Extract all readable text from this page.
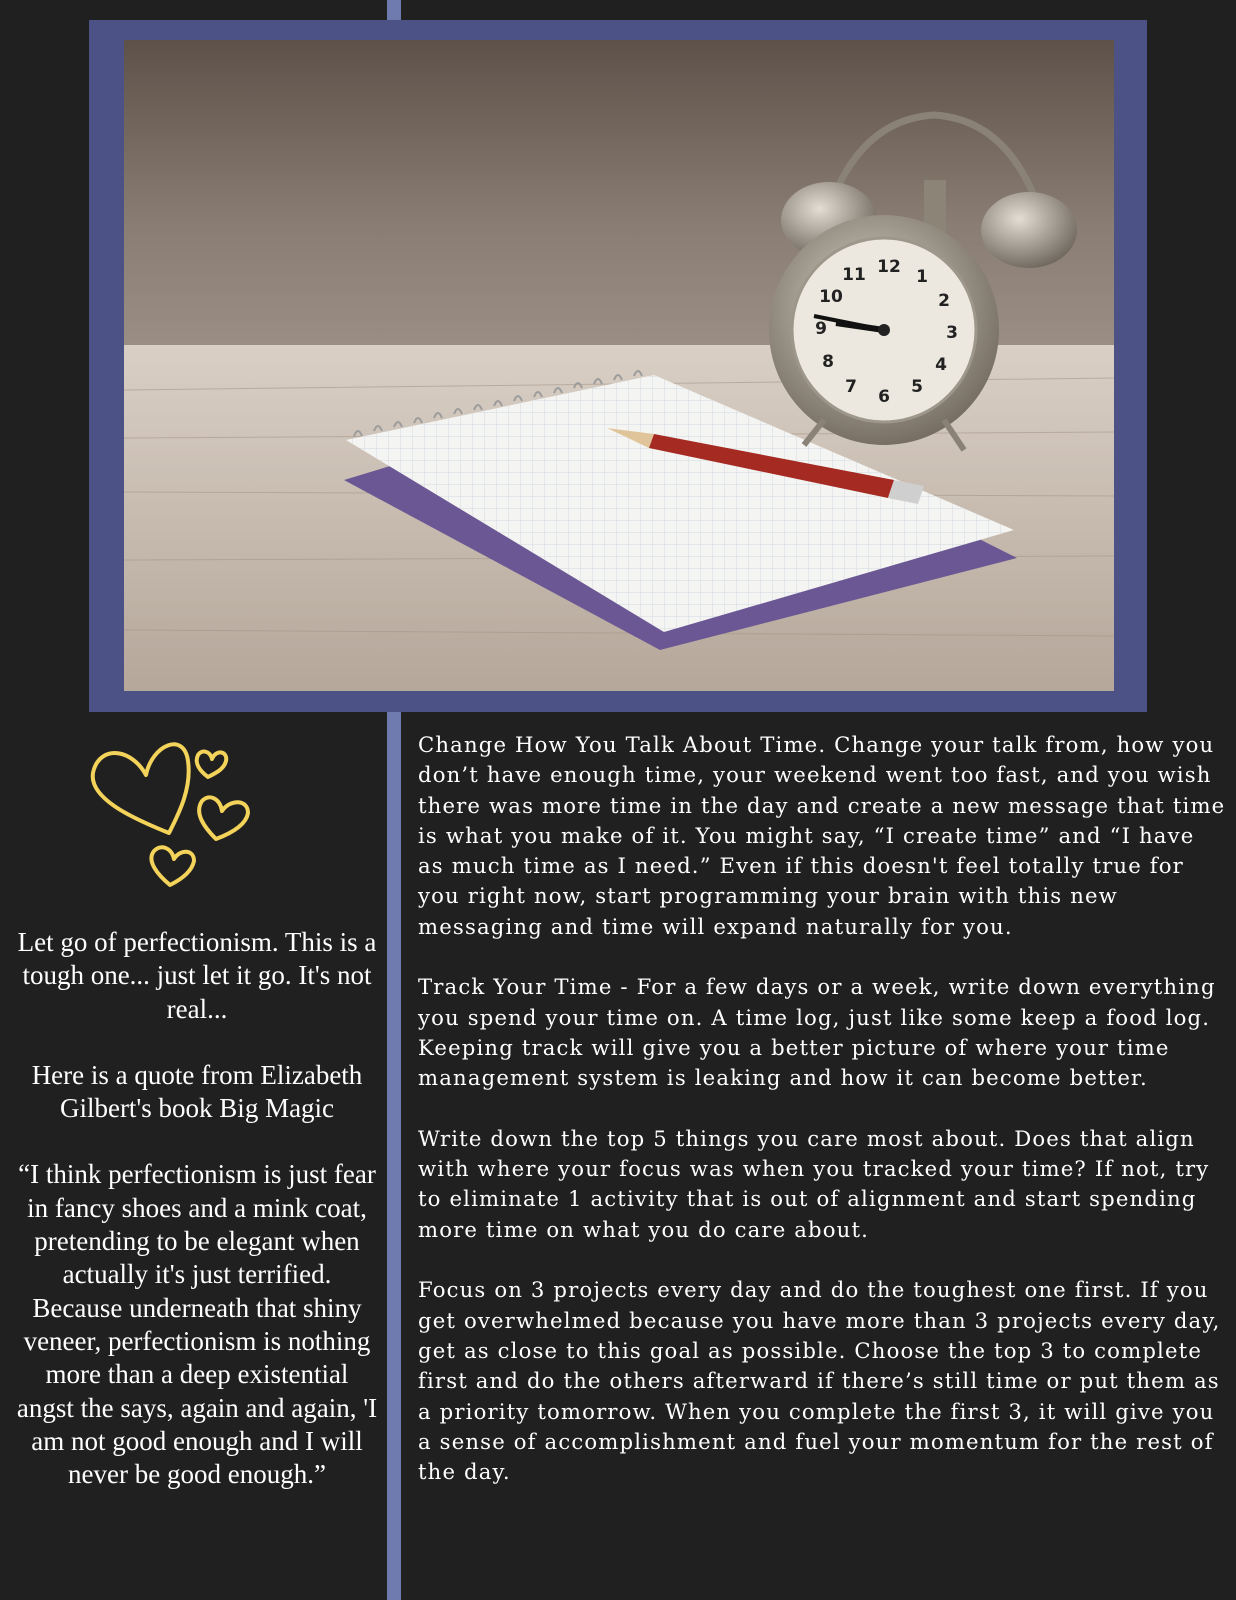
12 1
2
3
4
5
6
7
8
9
10
11

Let go of perfectionism. This is a tough one... just let it go. It's not real...

Here is a quote from Elizabeth Gilbert's book Big Magic

“I think perfectionism is just fear in fancy shoes and a mink coat, pretending to be elegant when actually it's just terrified. Because underneath that shiny veneer, perfectionism is nothing more than a deep existential angst the says, again and again, 'I am not good enough and I will never be good enough.”

Change How You Talk About Time. Change your talk from, how you don’t have enough time, your weekend went too fast, and you wish there was more time in the day and create a new message that time is what you make of it. You might say, “I create time” and “I have as much time as I need.” Even if this doesn't feel totally true for you right now, start programming your brain with this new messaging and time will expand naturally for you.

Track Your Time - For a few days or a week, write down everything you spend your time on. A time log, just like some keep a food log. Keeping track will give you a better picture of where your time management system is leaking and how it can become better.

Write down the top 5 things you care most about. Does that align with where your focus was when you tracked your time? If not, try to eliminate 1 activity that is out of alignment and start spending more time on what you do care about.

Focus on 3 projects every day and do the toughest one first. If you get overwhelmed because you have more than 3 projects every day, get as close to this goal as possible. Choose the top 3 to complete first and do the others afterward if there’s still time or put them as a priority tomorrow. When you complete the first 3, it will give you a sense of accomplishment and fuel your momentum for the rest of the day.
